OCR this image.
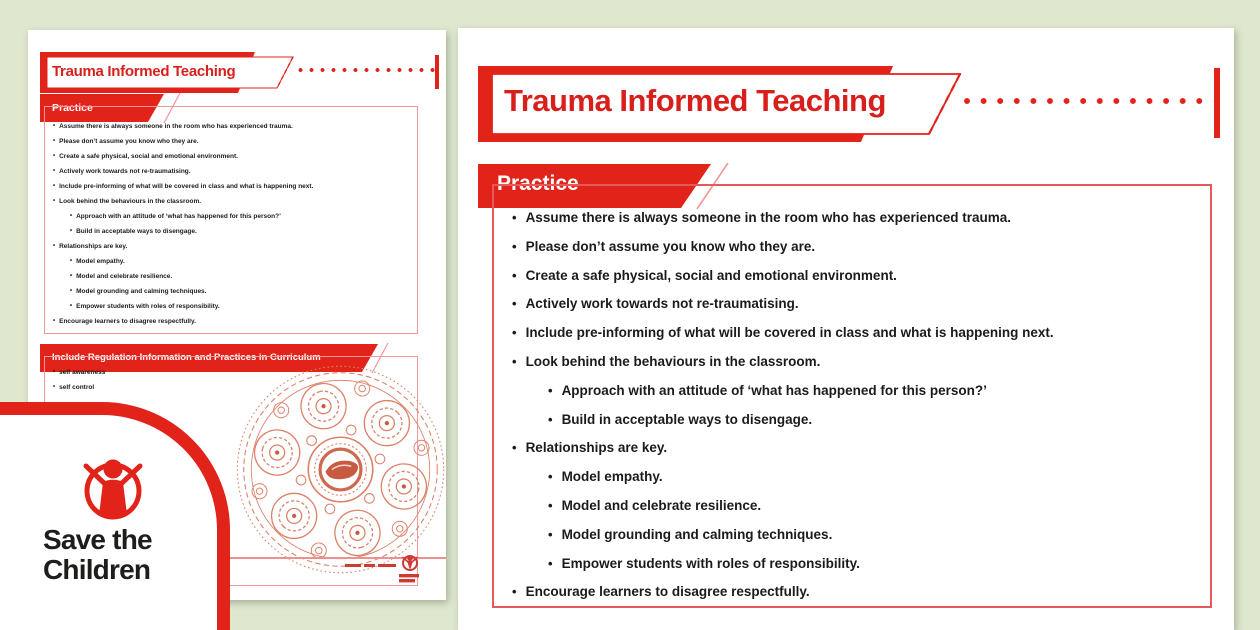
Trauma Informed Teaching
Practice
• Assume there is always someone in the room who has experienced trauma.
• Please don’t assume you know who they are.
• Create a safe physical, social and emotional environment.
• Actively work towards not re-traumatising.
• Include pre-informing of what will be covered in class and what is happening next.
• Look behind the behaviours in the classroom.
• Approach with an attitude of ‘what has happened for this person?’
• Build in acceptable ways to disengage.
• Relationships are key.
• Model empathy.
• Model and celebrate resilience.
• Model grounding and calming techniques.
• Empower students with roles of responsibility.
• Encourage learners to disagree respectfully.
Include Regulation Information and Practices in Curriculum
• self awareness
• self control
Trauma Informed Teaching
Practice
• Assume there is always someone in the room who has experienced trauma.
• Please don’t assume you know who they are.
• Create a safe physical, social and emotional environment.
• Actively work towards not re-traumatising.
• Include pre-informing of what will be covered in class and what is happening next.
• Look behind the behaviours in the classroom.
• Approach with an attitude of ‘what has happened for this person?’
• Build in acceptable ways to disengage.
• Relationships are key.
• Model empathy.
• Model and celebrate resilience.
• Model grounding and calming techniques.
• Empower students with roles of responsibility.
• Encourage learners to disagree respectfully.
Save the
Children
